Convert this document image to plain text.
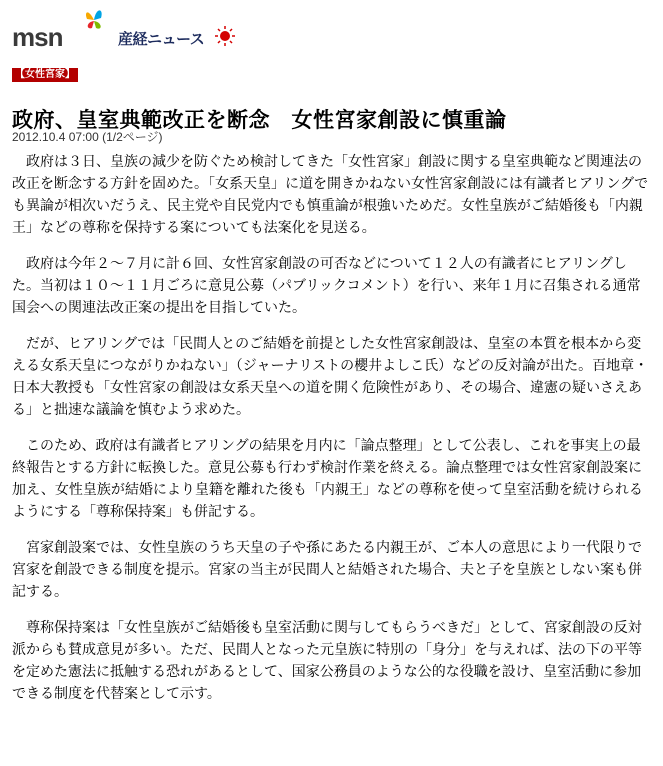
msn	産経ニュース
【女性宮家】
政府、皇室典範改正を断念　女性宮家創設に慎重論
2012.10.4 07:00 (1/2ページ)

政府は３日、皇族の減少を防ぐため検討してきた「女性宮家」創設に関する皇室典範など関連法の改正を断念する方針を固めた。「女系天皇」に道を開きかねない女性宮家創設には有識者ヒアリングでも異論が相次いだうえ、民主党や自民党内でも慎重論が根強いためだ。女性皇族がご結婚後も「内親王」などの尊称を保持する案についても法案化を見送る。

政府は今年２～７月に計６回、女性宮家創設の可否などについて１２人の有識者にヒアリングした。当初は１０～１１月ごろに意見公募（パブリックコメント）を行い、来年１月に召集される通常国会への関連法改正案の提出を目指していた。

だが、ヒアリングでは「民間人とのご結婚を前提とした女性宮家創設は、皇室の本質を根本から変える女系天皇につながりかねない」（ジャーナリストの櫻井よしこ氏）などの反対論が出た。百地章・日本大教授も「女性宮家の創設は女系天皇への道を開く危険性があり、その場合、違憲の疑いさえある」と拙速な議論を慎むよう求めた。

このため、政府は有識者ヒアリングの結果を月内に「論点整理」として公表し、これを事実上の最終報告とする方針に転換した。意見公募も行わず検討作業を終える。論点整理では女性宮家創設案に加え、女性皇族が結婚により皇籍を離れた後も「内親王」などの尊称を使って皇室活動を続けられるようにする「尊称保持案」も併記する。

宮家創設案では、女性皇族のうち天皇の子や孫にあたる内親王が、ご本人の意思により一代限りで宮家を創設できる制度を提示。宮家の当主が民間人と結婚された場合、夫と子を皇族としない案も併記する。

尊称保持案は「女性皇族がご結婚後も皇室活動に関与してもらうべきだ」として、宮家創設の反対派からも賛成意見が多い。ただ、民間人となった元皇族に特別の「身分」を与えれば、法の下の平等を定めた憲法に抵触する恐れがあるとして、国家公務員のような公的な役職を設け、皇室活動に参加できる制度を代替案として示す。
